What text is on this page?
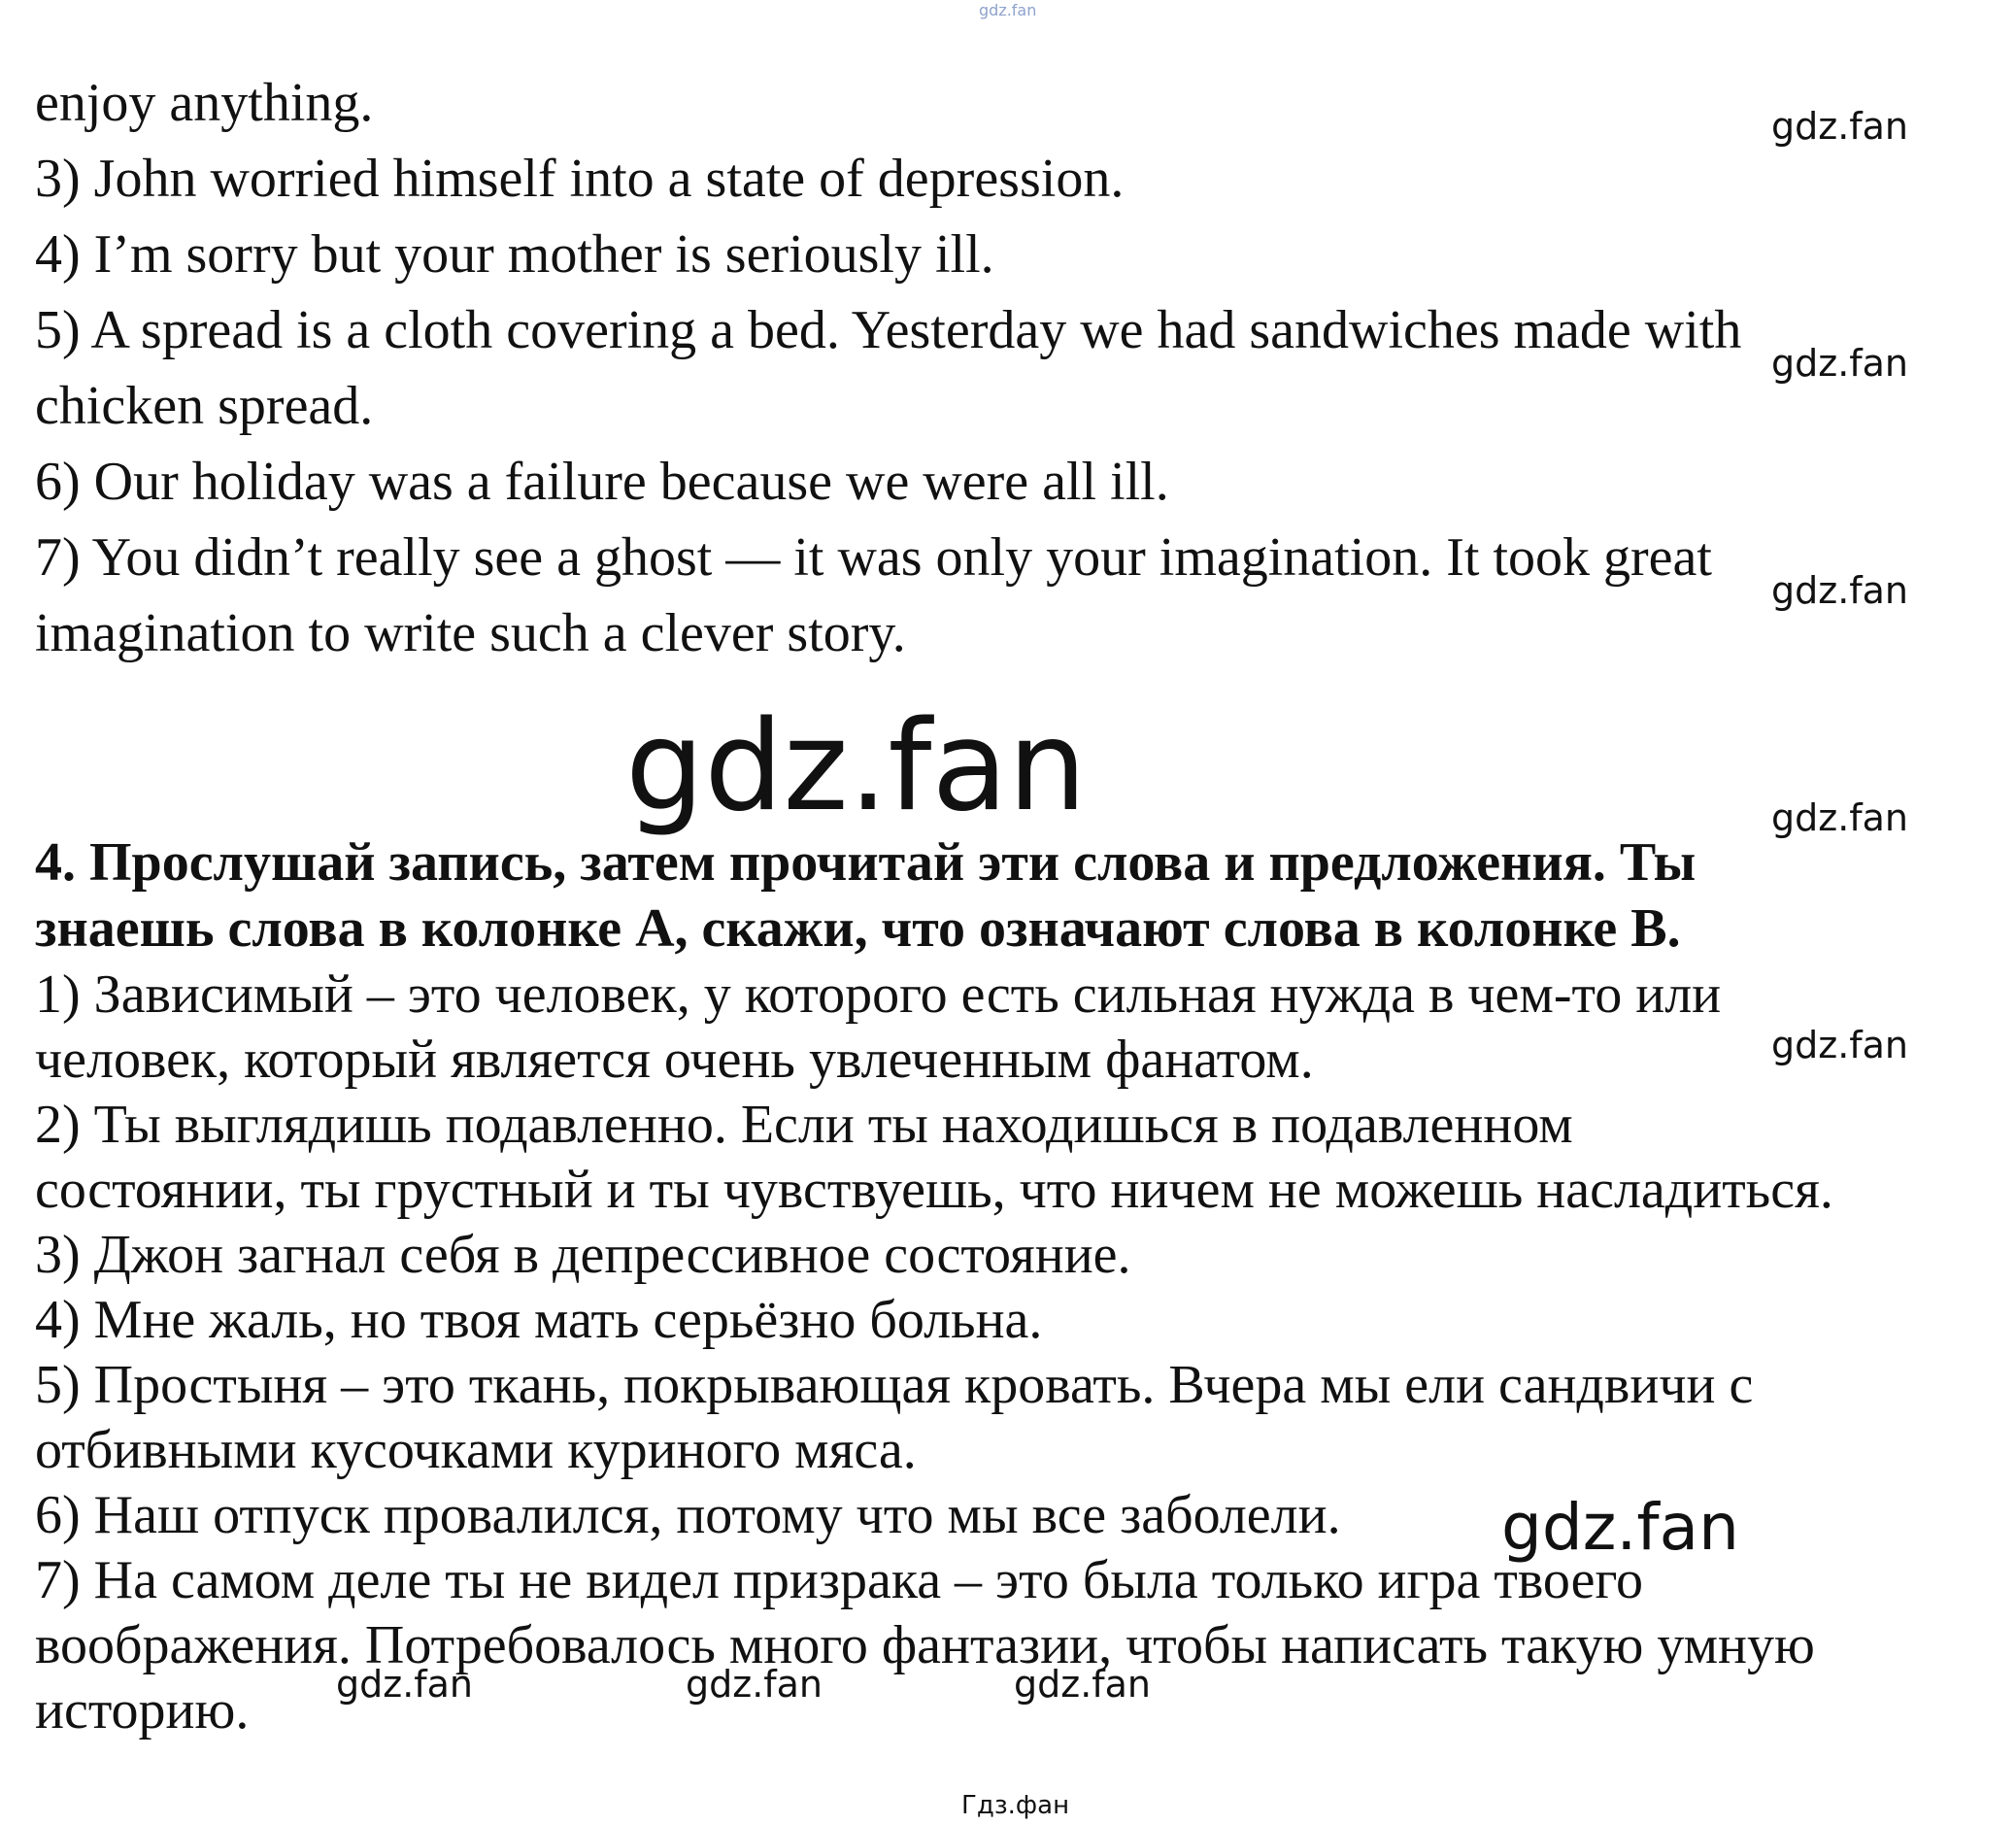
gdz.fan
enjoy anything.
3) John worried himself into a state of depression.
4) I’m sorry but your mother is seriously ill.
5) A spread is a cloth covering a bed. Yesterday we had sandwiches made with
chicken spread.
6) Our holiday was a failure because we were all ill.
7) You didn’t really see a ghost — it was only your imagination. It took great
imagination to write such a clever story.
gdz.fan
gdz.fan
gdz.fan
gdz.fan
gdz.fan
gdz.fan
4. Прослушай запись, затем прочитай эти слова и предложения. Ты
знаешь слова в колонке А, скажи, что означают слова в колонке В.
1) Зависимый – это человек, у которого есть сильная нужда в чем-то или
человек, который является очень увлеченным фанатом.
2) Ты выглядишь подавленно. Если ты находишься в подавленном
состоянии, ты грустный и ты чувствуешь, что ничем не можешь насладиться.
3) Джон загнал себя в депрессивное состояние.
4) Мне жаль, но твоя мать серьёзно больна.
5) Простыня – это ткань, покрывающая кровать. Вчера мы ели сандвичи с
отбивными кусочками куриного мяса.
6) Наш отпуск провалился, потому что мы все заболели.
7) На самом деле ты не видел призрака – это была только игра твоего
воображения. Потребовалось много фантазии, чтобы написать такую умную
историю.
gdz.fan
gdz.fan	gdz.fan	gdz.fan
Гдз.фан
